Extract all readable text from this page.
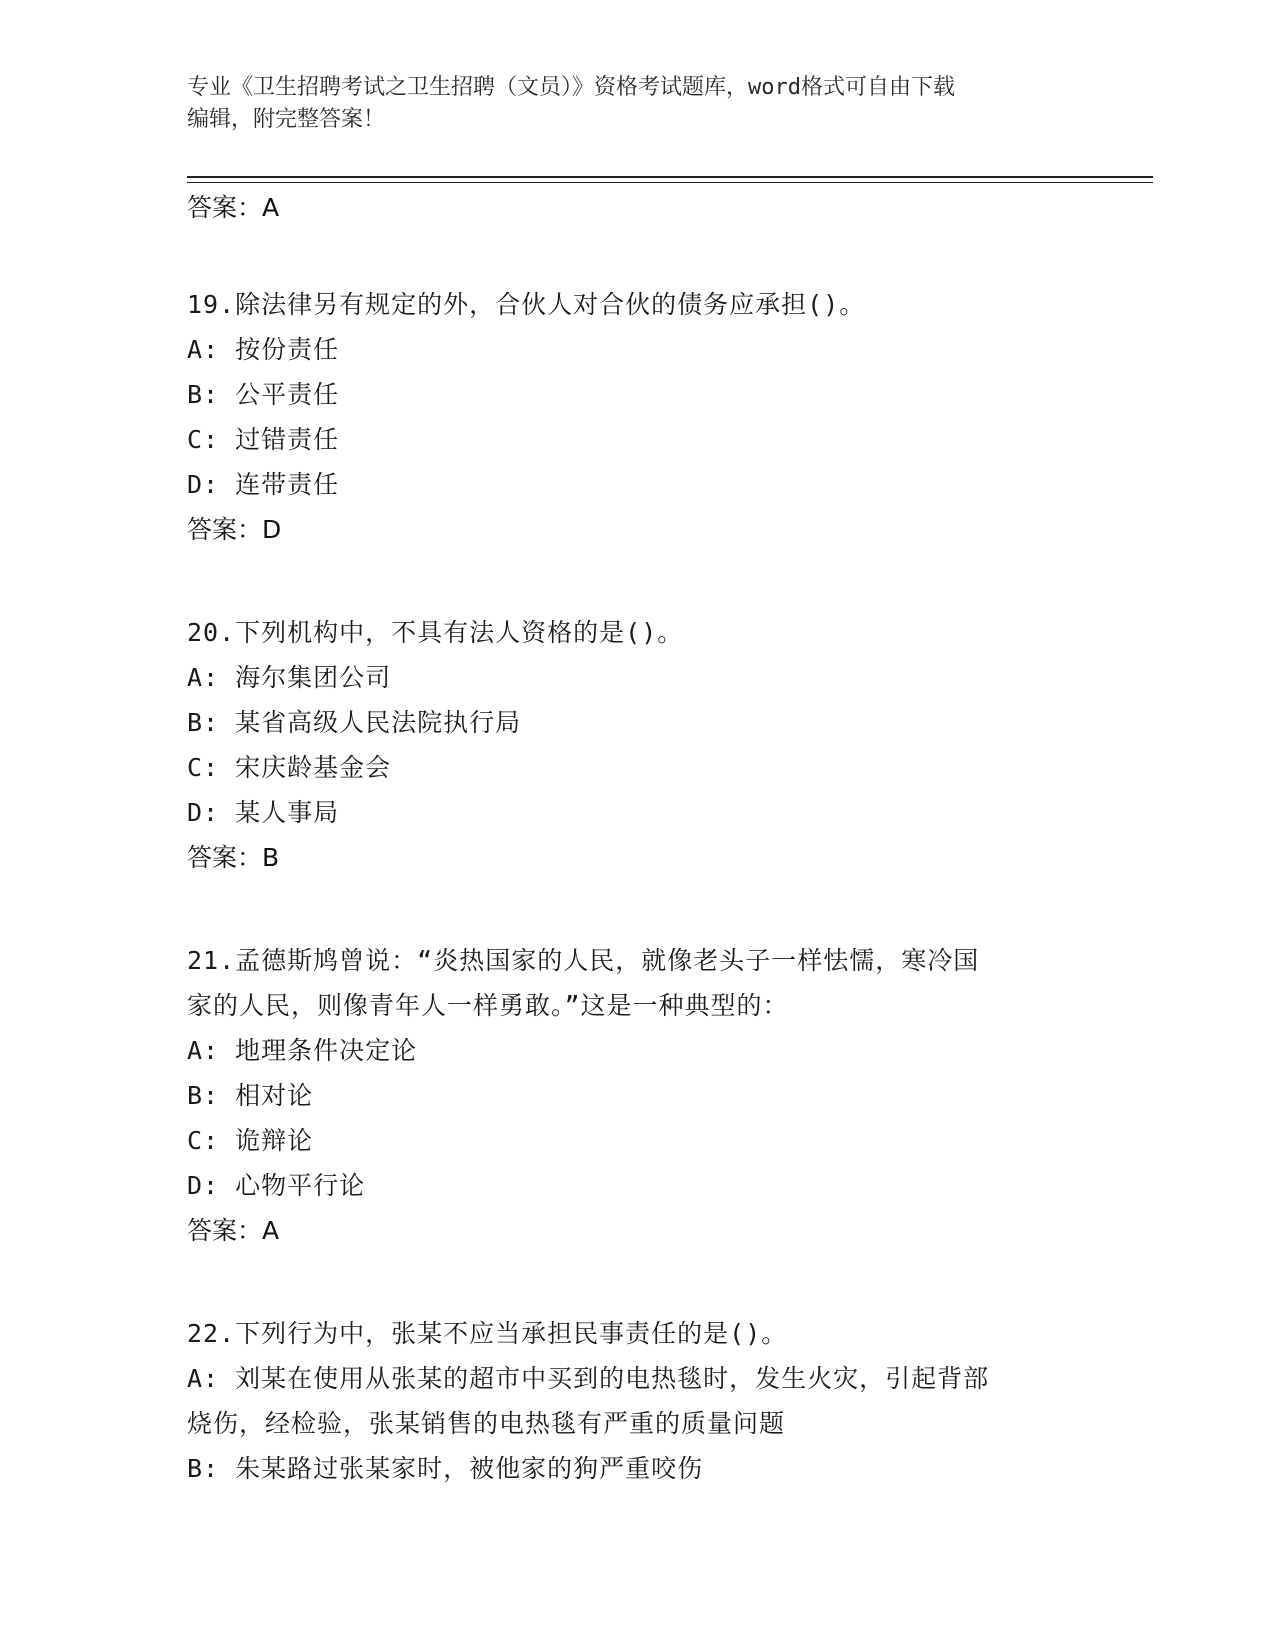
专业《卫生招聘考试之卫生招聘（文员）》资格考试题库，word格式可自由下载
编辑，附完整答案！
答案：A
19.除法律另有规定的外，合伙人对合伙的债务应承担()。
A: 按份责任
B: 公平责任
C: 过错责任
D: 连带责任
答案：D
20.下列机构中，不具有法人资格的是()。
A: 海尔集团公司
B: 某省高级人民法院执行局
C: 宋庆龄基金会
D: 某人事局
答案：B
21.孟德斯鸠曾说：“炎热国家的人民，就像老头子一样怯懦，寒冷国
家的人民，则像青年人一样勇敢。”这是一种典型的：
A: 地理条件决定论
B: 相对论
C: 诡辩论
D: 心物平行论
答案：A
22.下列行为中，张某不应当承担民事责任的是()。
A: 刘某在使用从张某的超市中买到的电热毯时，发生火灾，引起背部
烧伤，经检验，张某销售的电热毯有严重的质量问题
B: 朱某路过张某家时，被他家的狗严重咬伤
